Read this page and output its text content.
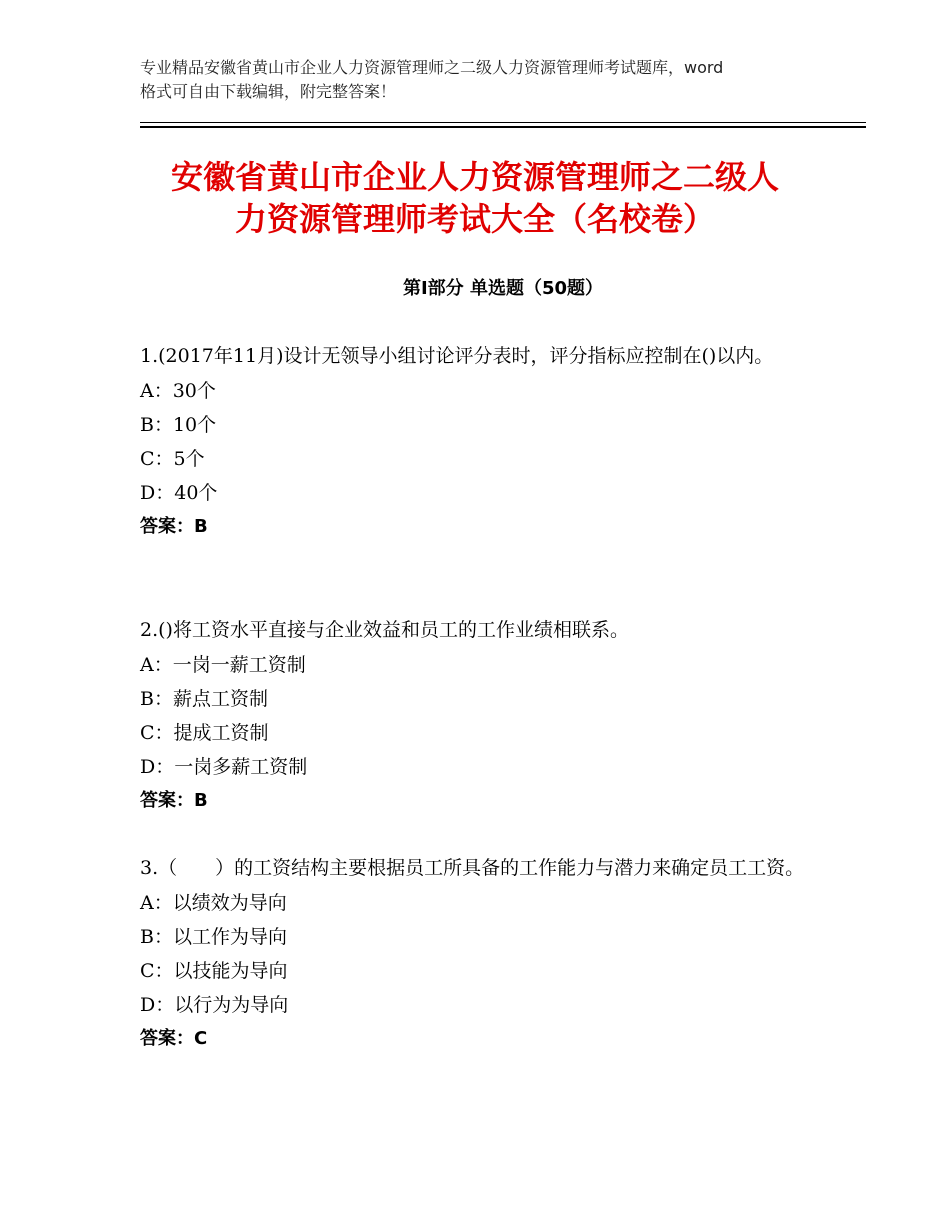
专业精品安徽省黄山市企业人力资源管理师之二级人力资源管理师考试题库，word
格式可自由下载编辑，附完整答案！
安徽省黄山市企业人力资源管理师之二级人
力资源管理师考试大全（名校卷）
第Ⅰ部分 单选题（50题）
1.(2017年11月)设计无领导小组讨论评分表时，评分指标应控制在()以内。
A：30个
B：10个
C：5个
D：40个
答案：B
2.()将工资水平直接与企业效益和员工的工作业绩相联系。
A：一岗一薪工资制
B：薪点工资制
C：提成工资制
D：一岗多薪工资制
答案：B
3.（　　）的工资结构主要根据员工所具备的工作能力与潜力来确定员工工资。
A：以绩效为导向
B：以工作为导向
C：以技能为导向
D：以行为为导向
答案：C
